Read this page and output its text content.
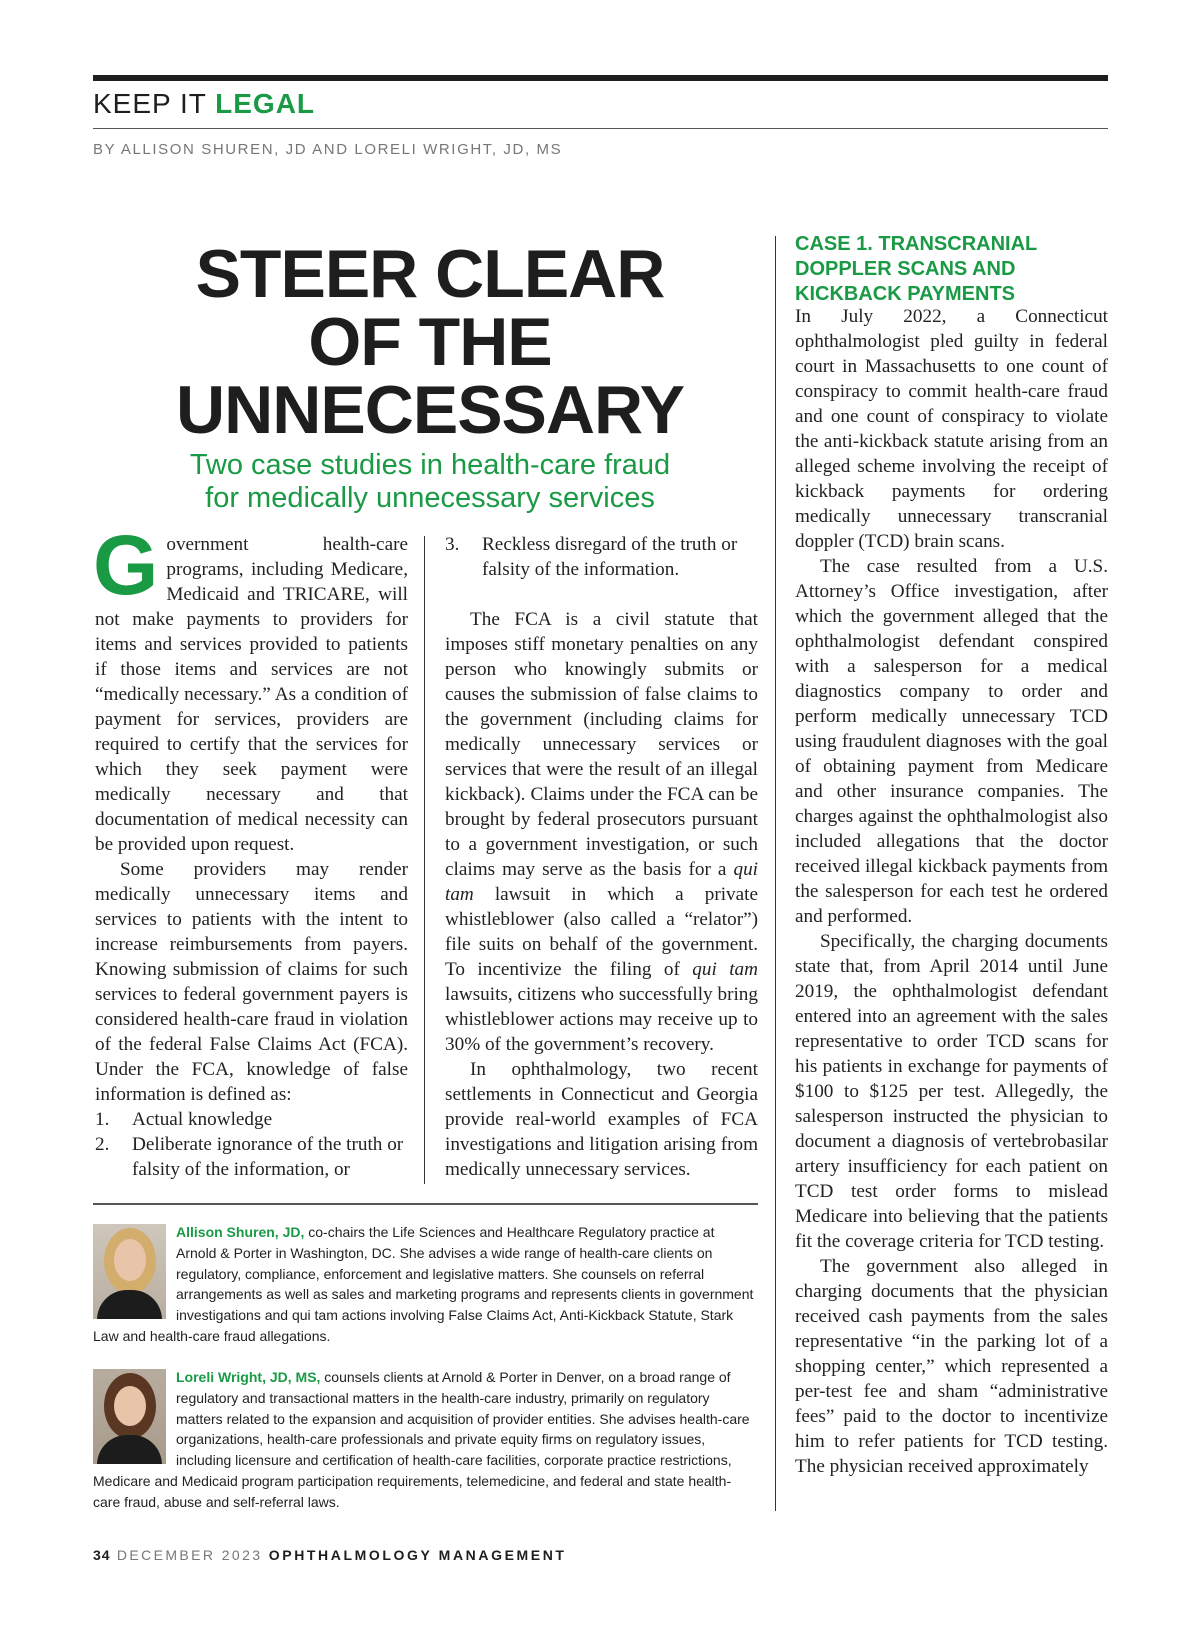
KEEP IT LEGAL
BY ALLISON SHUREN, JD AND LORELI WRIGHT, JD, MS
STEER CLEAR
OF THE
UNNECESSARY
Two case studies in health-care fraud
for medically unnecessary services

Government health-care programs, including Medicare, Medicaid and TRICARE, will not make payments to providers for items and services provided to patients if those items and services are not “medically necessary.” As a condition of payment for services, providers are required to certify that the services for which they seek payment were medically necessary and that documentation of medical necessity can be provided upon request.

Some providers may render medically unnecessary items and services to patients with the intent to increase reimbursements from payers. Knowing submission of claims for such services to federal government payers is considered health-care fraud in violation of the federal False Claims Act (FCA). Under the FCA, knowledge of false information is defined as:

1.	Actual knowledge
2.	Deliberate ignorance of the truth or falsity of the information, or
3.	Reckless disregard of the truth or falsity of the information.

The FCA is a civil statute that imposes stiff monetary penalties on any person who knowingly submits or causes the submission of false claims to the government (including claims for medically unnecessary services or services that were the result of an illegal kickback). Claims under the FCA can be brought by federal prosecutors pursuant to a government investigation, or such claims may serve as the basis for a qui tam lawsuit in which a private whistleblower (also called a “relator”) file suits on behalf of the government. To incentivize the filing of qui tam lawsuits, citizens who successfully bring whistleblower actions may receive up to 30% of the government’s recovery.

In ophthalmology, two recent settlements in Connecticut and Georgia provide real-world examples of FCA investigations and litigation arising from medically unnecessary services.

CASE 1. TRANSCRANIAL DOPPLER SCANS AND KICKBACK PAYMENTS

In July 2022, a Connecticut ophthalmologist pled guilty in federal court in Massachusetts to one count of conspiracy to commit health-care fraud and one count of conspiracy to violate the anti-kickback statute arising from an alleged scheme involving the receipt of kickback payments for ordering medically unnecessary transcranial doppler (TCD) brain scans.

The case resulted from a U.S. Attorney’s Office investigation, after which the government alleged that the ophthalmologist defendant conspired with a salesperson for a medical diagnostics company to order and perform medically unnecessary TCD using fraudulent diagnoses with the goal of obtaining payment from Medicare and other insurance companies. The charges against the ophthalmologist also included allegations that the doctor received illegal kickback payments from the salesperson for each test he ordered and performed.

Specifically, the charging documents state that, from April 2014 until June 2019, the ophthalmologist defendant entered into an agreement with the sales representative to order TCD scans for his patients in exchange for payments of $100 to $125 per test. Allegedly, the salesperson instructed the physician to document a diagnosis of vertebrobasilar artery insufficiency for each patient on TCD test order forms to mislead Medicare into believing that the patients fit the coverage criteria for TCD testing.

The government also alleged in charging documents that the physician received cash payments from the sales representative “in the parking lot of a shopping center,” which represented a per-test fee and sham “administrative fees” paid to the doctor to incentivize him to refer patients for TCD testing. The physician received approximately

Allison Shuren, JD, co-chairs the Life Sciences and Healthcare Regulatory practice at Arnold & Porter in Washington, DC. She advises a wide range of health-care clients on regulatory, compliance, enforcement and legislative matters. She counsels on referral arrangements as well as sales and marketing programs and represents clients in government investigations and qui tam actions involving False Claims Act, Anti-Kickback Statute, Stark Law and health-care fraud allegations.
Loreli Wright, JD, MS, counsels clients at Arnold & Porter in Denver, on a broad range of regulatory and transactional matters in the health-care industry, primarily on regulatory matters related to the expansion and acquisition of provider entities. She advises health-care organizations, health-care professionals and private equity firms on regulatory issues, including licensure and certification of health-care facilities, corporate practice restrictions, Medicare and Medicaid program participation requirements, telemedicine, and federal and state health-care fraud, abuse and self-referral laws.
34 DECEMBER 2023 OPHTHALMOLOGY MANAGEMENT
